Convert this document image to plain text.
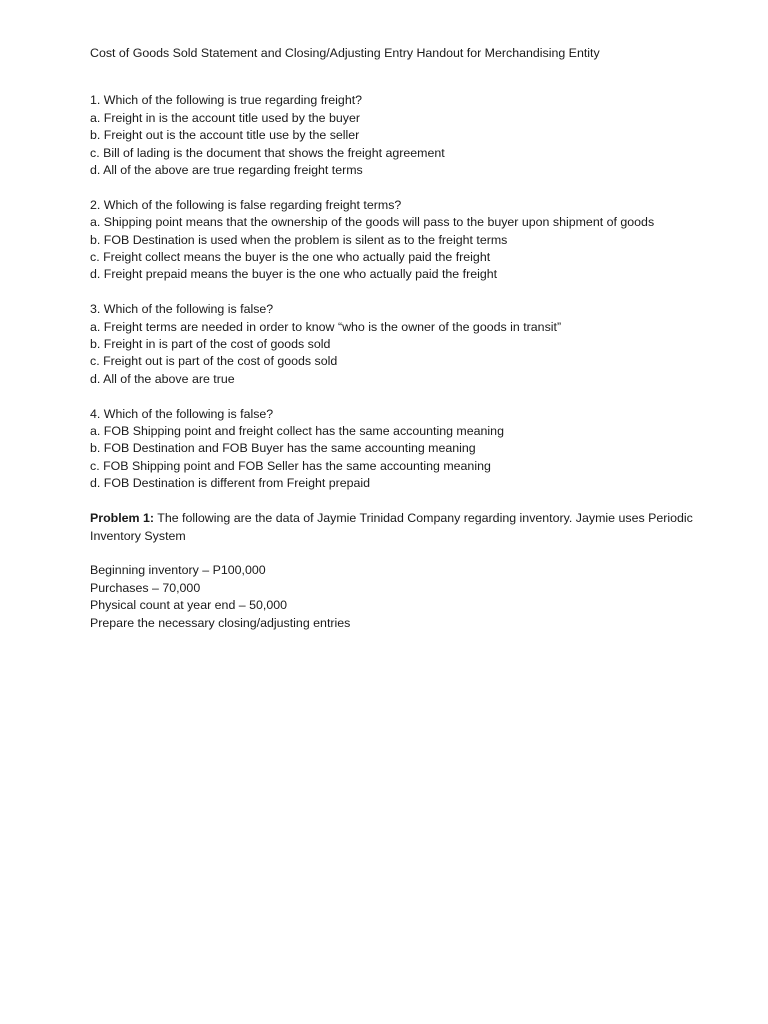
Cost of Goods Sold Statement and Closing/Adjusting Entry Handout for Merchandising Entity
1. Which of the following is true regarding freight?
a. Freight in is the account title used by the buyer
b. Freight out is the account title use by the seller
c. Bill of lading is the document that shows the freight agreement
d. All of the above are true regarding freight terms
2. Which of the following is false regarding freight terms?
a. Shipping point means that the ownership of the goods will pass to the buyer upon shipment of goods
b. FOB Destination is used when the problem is silent as to the freight terms
c. Freight collect means the buyer is the one who actually paid the freight
d. Freight prepaid means the buyer is the one who actually paid the freight
3. Which of the following is false?
a. Freight terms are needed in order to know “who is the owner of the goods in transit”
b. Freight in is part of the cost of goods sold
c. Freight out is part of the cost of goods sold
d. All of the above are true
4. Which of the following is false?
a. FOB Shipping point and freight collect has the same accounting meaning
b. FOB Destination and FOB Buyer has the same accounting meaning
c. FOB Shipping point and FOB Seller has the same accounting meaning
d. FOB Destination is different from Freight prepaid
Problem 1: The following are the data of Jaymie Trinidad Company regarding inventory. Jaymie uses Periodic Inventory System
Beginning inventory – P100,000
Purchases – 70,000
Physical count at year end – 50,000
Prepare the necessary closing/adjusting entries
